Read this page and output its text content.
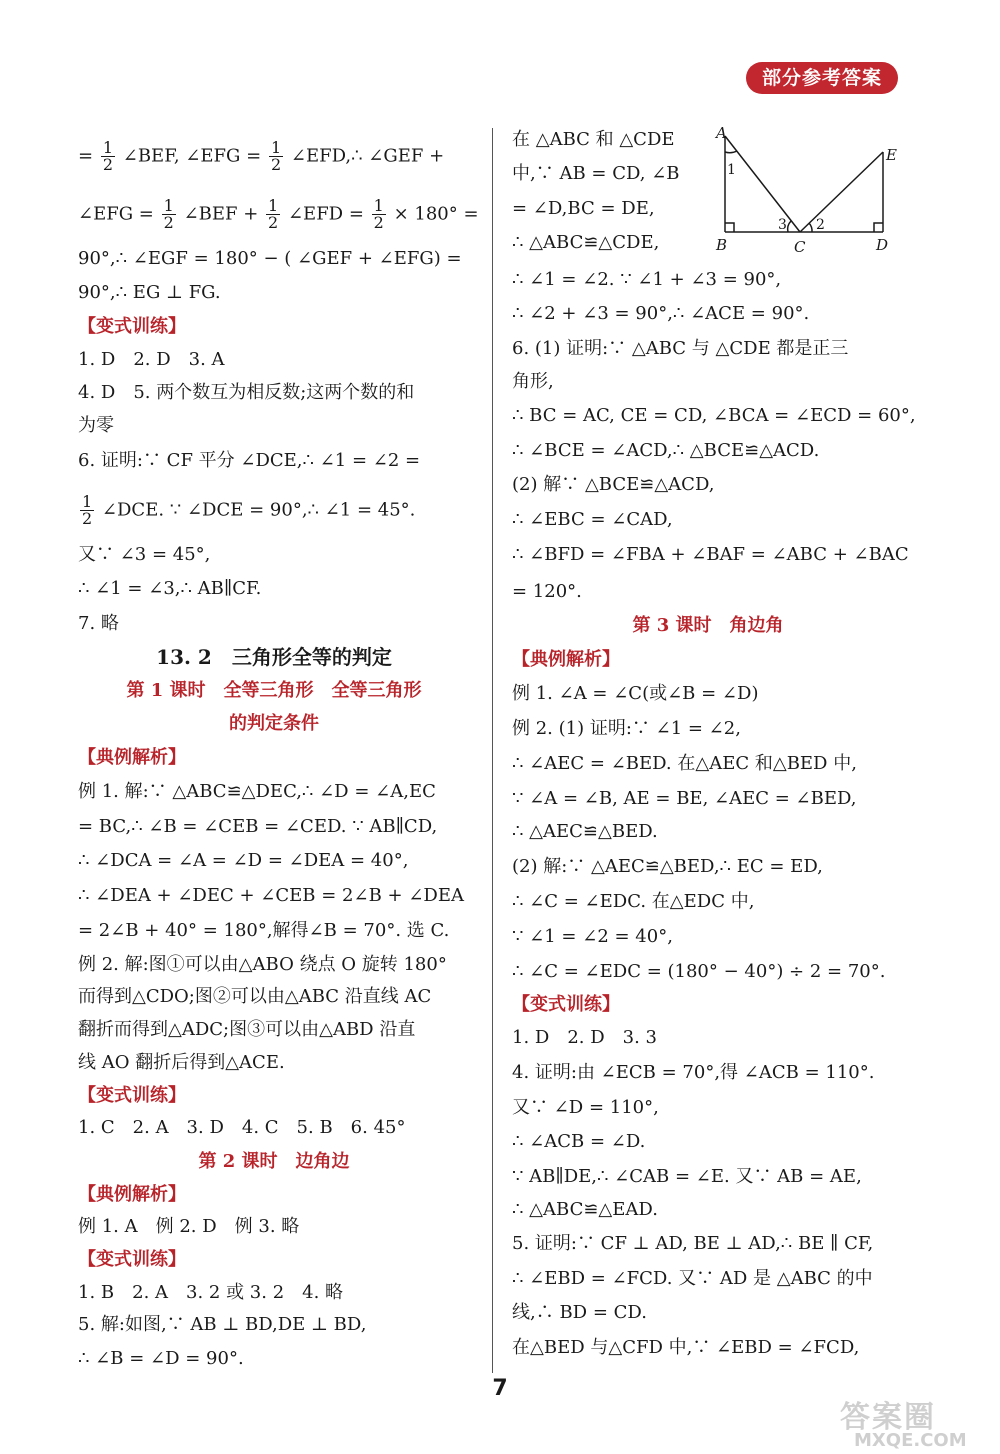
部分参考答案
= $\frac{1}{2}$ ∠BEF, ∠EFG = $\frac{1}{2}$ ∠EFD,∴ ∠GEF +
∠EFG = $\frac{1}{2}$ ∠BEF + $\frac{1}{2}$ ∠EFD = $\frac{1}{2} \times 180^\circ$ =
90°,∴ ∠EGF = 180° − ( ∠GEF + ∠EFG) =
90°,∴ EG ⊥ FG.
【变式训练】
1. D　2. D　3. A
4. D　5. 两个数互为相反数;这两个数的和
为零
6. 证明:∵ CF 平分 ∠DCE,∴ ∠1 = ∠2 =
$\frac{1}{2}$ ∠DCE. ∵ ∠DCE = 90°,∴ ∠1 = 45°.
又∵ ∠3 = 45°,
∴ ∠1 = ∠3,∴ AB∥CF.
7. 略
13. 2　三角形全等的判定
第 1 课时　全等三角形　全等三角形
的判定条件
【典例解析】
例 1. 解:∵ △ABC≌△DEC,∴ ∠D = ∠A,EC
= BC,∴ ∠B = ∠CEB = ∠CED. ∵ AB∥CD,
∴ ∠DCA = ∠A = ∠D = ∠DEA = 40°,
∴ ∠DEA + ∠DEC + ∠CEB = 2∠B + ∠DEA
= 2∠B + 40° = 180°,解得∠B = 70°. 选 C.
例 2. 解:图①可以由△ABO 绕点 O 旋转 180°
而得到△CDO;图②可以由△ABC 沿直线 AC
翻折而得到△ADC;图③可以由△ABD 沿直
线 AO 翻折后得到△ACE.
【变式训练】
1. C　2. A　3. D　4. C　5. B　6. 45°
第 2 课时　边角边
【典例解析】
例 1. A　例 2. D　例 3. 略
【变式训练】
1. B　2. A　3. 2 或 3. 2　4. 略
5. 解:如图,∵ AB ⊥ BD,DE ⊥ BD,
∴ ∠B = ∠D = 90°.
在 △ABC 和 △CDE
中,∵ AB = CD, ∠B
= ∠D,BC = DE,
∴ △ABC≌△CDE,
∴ ∠1 = ∠2. ∵ ∠1 + ∠3 = 90°,
∴ ∠2 + ∠3 = 90°,∴ ∠ACE = 90°.
6. (1) 证明:∵ △ABC 与 △CDE 都是正三
角形,
∴ BC = AC, CE = CD, ∠BCA = ∠ECD = 60°,
∴ ∠BCE = ∠ACD,∴ △BCE≌△ACD.
(2) 解∵ △BCE≌△ACD,
∴ ∠EBC = ∠CAD,
∴ ∠BFD = ∠FBA + ∠BAF = ∠ABC + ∠BAC
= 120°.
第 3 课时　角边角
【典例解析】
例 1. ∠A = ∠C(或∠B = ∠D)
例 2. (1) 证明:∵ ∠1 = ∠2,
∴ ∠AEC = ∠BED. 在△AEC 和△BED 中,
∵ ∠A = ∠B, AE = BE, ∠AEC = ∠BED,
∴ △AEC≌△BED.
(2) 解:∵ △AEC≌△BED,∴ EC = ED,
∴ ∠C = ∠EDC. 在△EDC 中,
∵ ∠1 = ∠2 = 40°,
∴ ∠C = ∠EDC = (180° − 40°) ÷ 2 = 70°.
【变式训练】
1. D　2. D　3. 3
4. 证明:由 ∠ECB = 70°,得 ∠ACB = 110°.
又∵ ∠D = 110°,
∴ ∠ACB = ∠D.
∵ AB∥DE,∴ ∠CAB = ∠E. 又∵ AB = AE,
∴ △ABC≌△EAD.
5. 证明:∵ CF ⊥ AD, BE ⊥ AD,∴ BE ∥ CF,
∴ ∠EBD = ∠FCD. 又∵ AD 是 △ABC 的中
线,∴ BD = CD.
在△BED 与△CFD 中,∵ ∠EBD = ∠FCD,
A
B	C	D
E
1
2
3
7
答案圈
MXQE.COM
